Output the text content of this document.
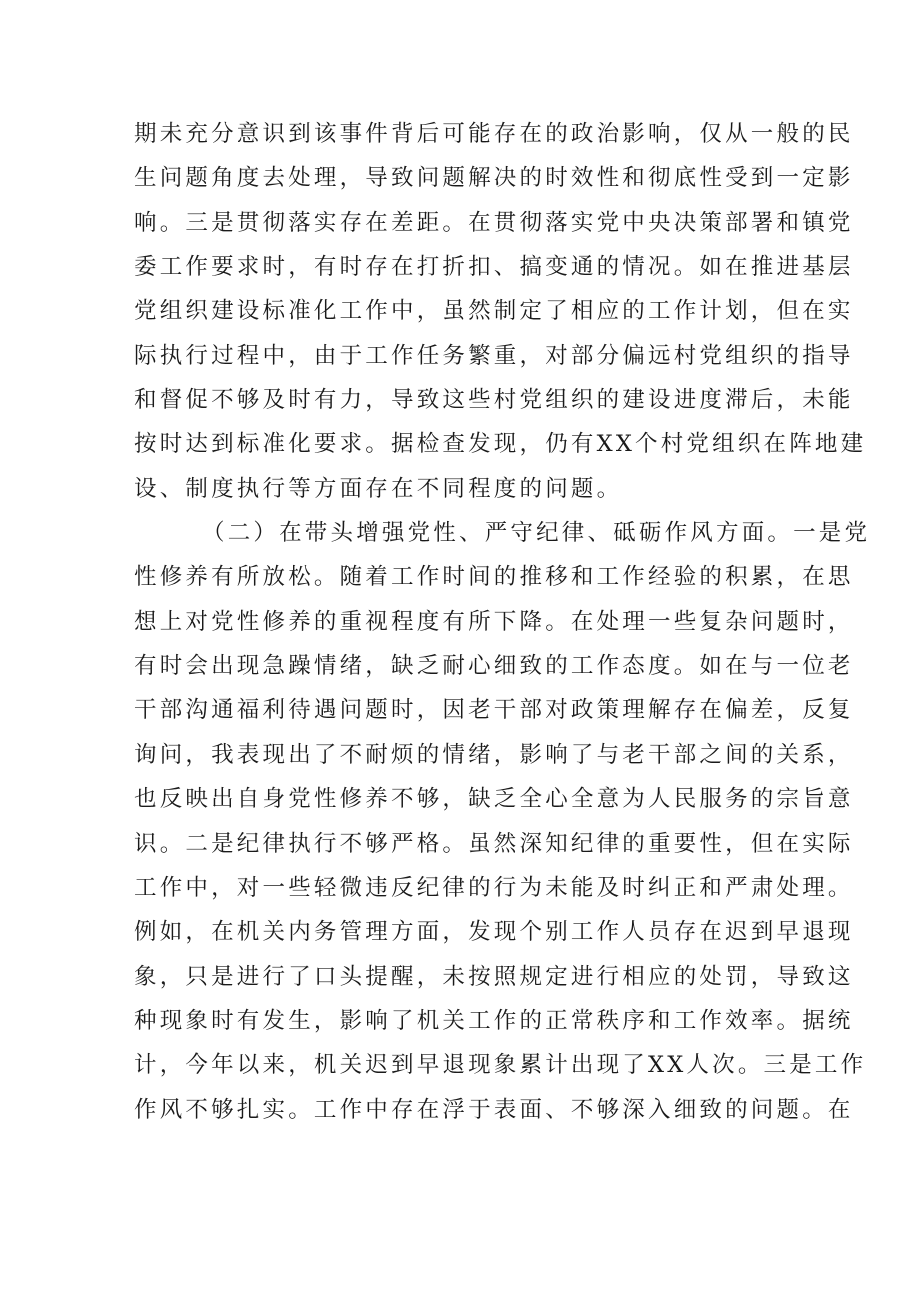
期未充分意识到该事件背后可能存在的政治影响，仅从一般的民
生问题角度去处理，导致问题解决的时效性和彻底性受到一定影
响。三是贯彻落实存在差距。在贯彻落实党中央决策部署和镇党
委工作要求时，有时存在打折扣、搞变通的情况。如在推进基层
党组织建设标准化工作中，虽然制定了相应的工作计划，但在实
际执行过程中，由于工作任务繁重，对部分偏远村党组织的指导
和督促不够及时有力，导致这些村党组织的建设进度滞后，未能
按时达到标准化要求。据检查发现，仍有XX个村党组织在阵地建
设、制度执行等方面存在不同程度的问题。
（二）在带头增强党性、严守纪律、砥砺作风方面。一是党
性修养有所放松。随着工作时间的推移和工作经验的积累，在思
想上对党性修养的重视程度有所下降。在处理一些复杂问题时，
有时会出现急躁情绪，缺乏耐心细致的工作态度。如在与一位老
干部沟通福利待遇问题时，因老干部对政策理解存在偏差，反复
询问，我表现出了不耐烦的情绪，影响了与老干部之间的关系，
也反映出自身党性修养不够，缺乏全心全意为人民服务的宗旨意
识。二是纪律执行不够严格。虽然深知纪律的重要性，但在实际
工作中，对一些轻微违反纪律的行为未能及时纠正和严肃处理。
例如，在机关内务管理方面，发现个别工作人员存在迟到早退现
象，只是进行了口头提醒，未按照规定进行相应的处罚，导致这
种现象时有发生，影响了机关工作的正常秩序和工作效率。据统
计，今年以来，机关迟到早退现象累计出现了XX人次。三是工作
作风不够扎实。工作中存在浮于表面、不够深入细致的问题。在
